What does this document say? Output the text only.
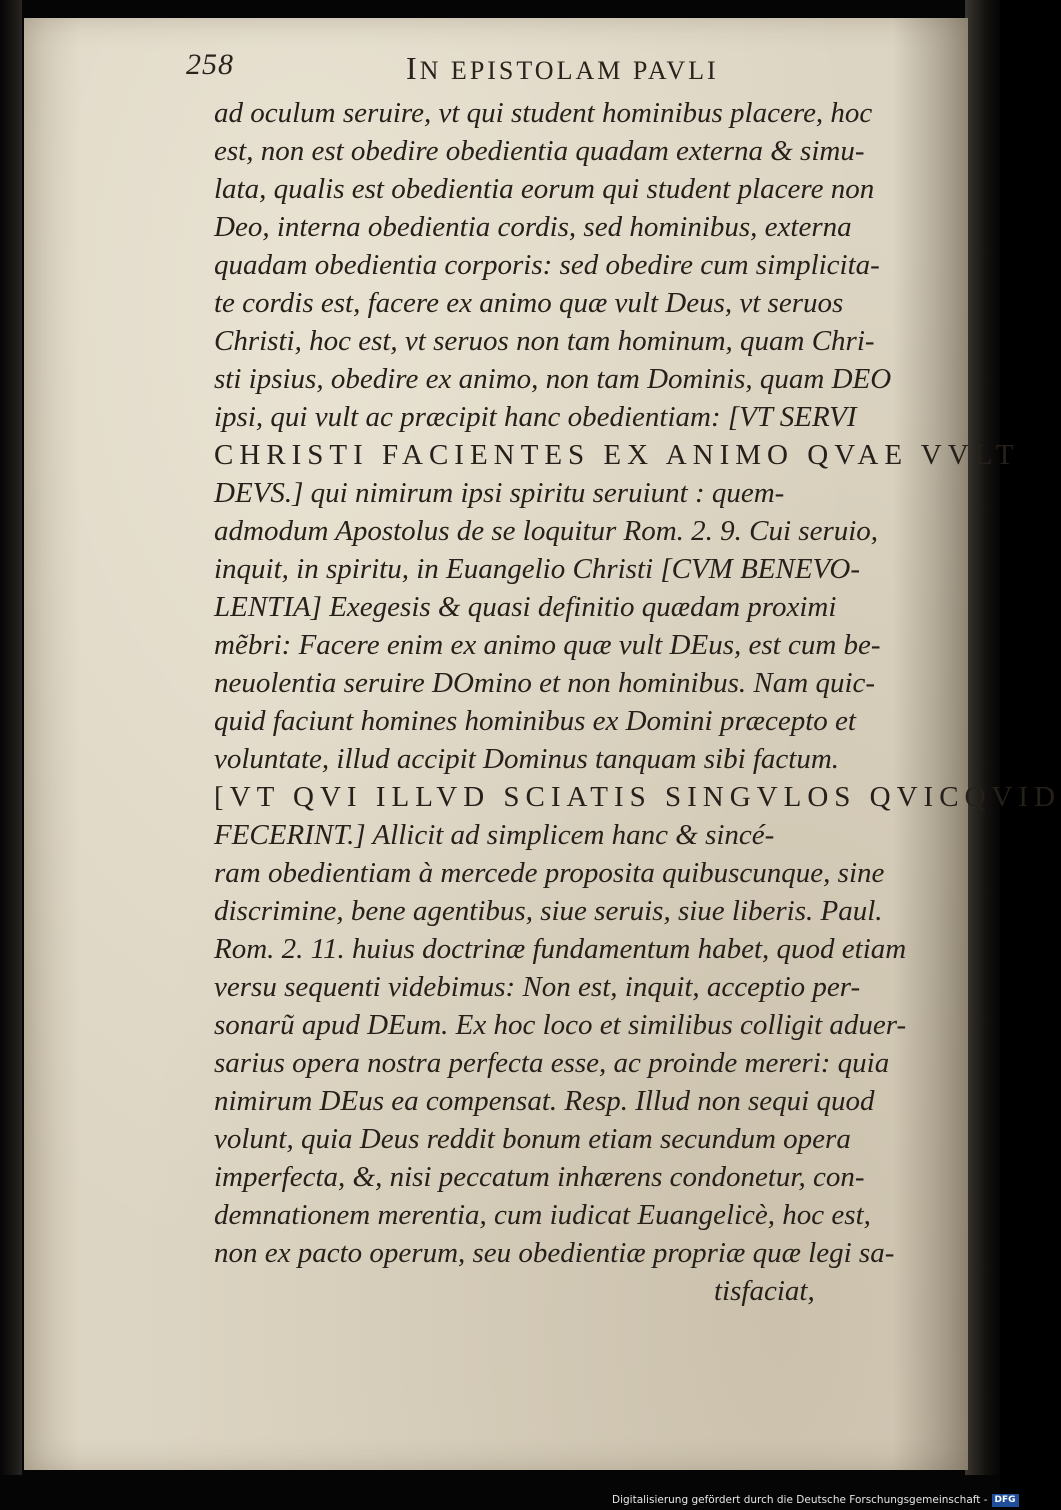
258	IN EPISTOLAM PAVLI
ad oculum seruire, vt qui student hominibus placere, hoc
est, non est obedire obedientia quadam externa & simu-
lata, qualis est obedientia eorum qui student placere non
Deo, interna obedientia cordis, sed hominibus, externa
quadam obedientia corporis: sed obedire cum simplicita-
te cordis est, facere ex animo quæ vult Deus, vt seruos
Christi, hoc est, vt seruos non tam hominum, quam Chri-
sti ipsius, obedire ex animo, non tam Dominis, quam DEO
ipsi, qui vult ac præcipit hanc obedientiam: [VT SERVI
CHRISTI FACIENTES EX ANIMO QVAE VVLT
DEVS.] qui nimirum ipsi spiritu seruiunt : quem-
admodum Apostolus de se loquitur Rom. 2. 9. Cui seruio,
inquit, in spiritu, in Euangelio Christi [CVM BENEVO-
LENTIA] Exegesis & quasi definitio quædam proximi
mẽbri: Facere enim ex animo quæ vult DEus, est cum be-
neuolentia seruire DOmino et non hominibus. Nam quic-
quid faciunt homines hominibus ex Domini præcepto et
voluntate, illud accipit Dominus tanquam sibi factum.
[VT QVI ILLVD SCIATIS SINGVLOS QVICQVID
FECERINT.] Allicit ad simplicem hanc & sincé-
ram obedientiam à mercede proposita quibuscunque, sine
discrimine, bene agentibus, siue seruis, siue liberis. Paul.
Rom. 2. 11. huius doctrinæ fundamentum habet, quod etiam
versu sequenti videbimus: Non est, inquit, acceptio per-
sonarũ apud DEum. Ex hoc loco et similibus colligit aduer-
sarius opera nostra perfecta esse, ac proinde mereri: quia
nimirum DEus ea compensat. Resp. Illud non sequi quod
volunt, quia Deus reddit bonum etiam secundum opera
imperfecta, &, nisi peccatum inhærens condonetur, con-
demnationem merentia, cum iudicat Euangelicè, hoc est,
non ex pacto operum, seu obedientiæ propriæ quæ legi sa-
tisfaciat,
Digitalisierung gefördert durch die Deutsche Forschungsgemeinschaft - DFG
